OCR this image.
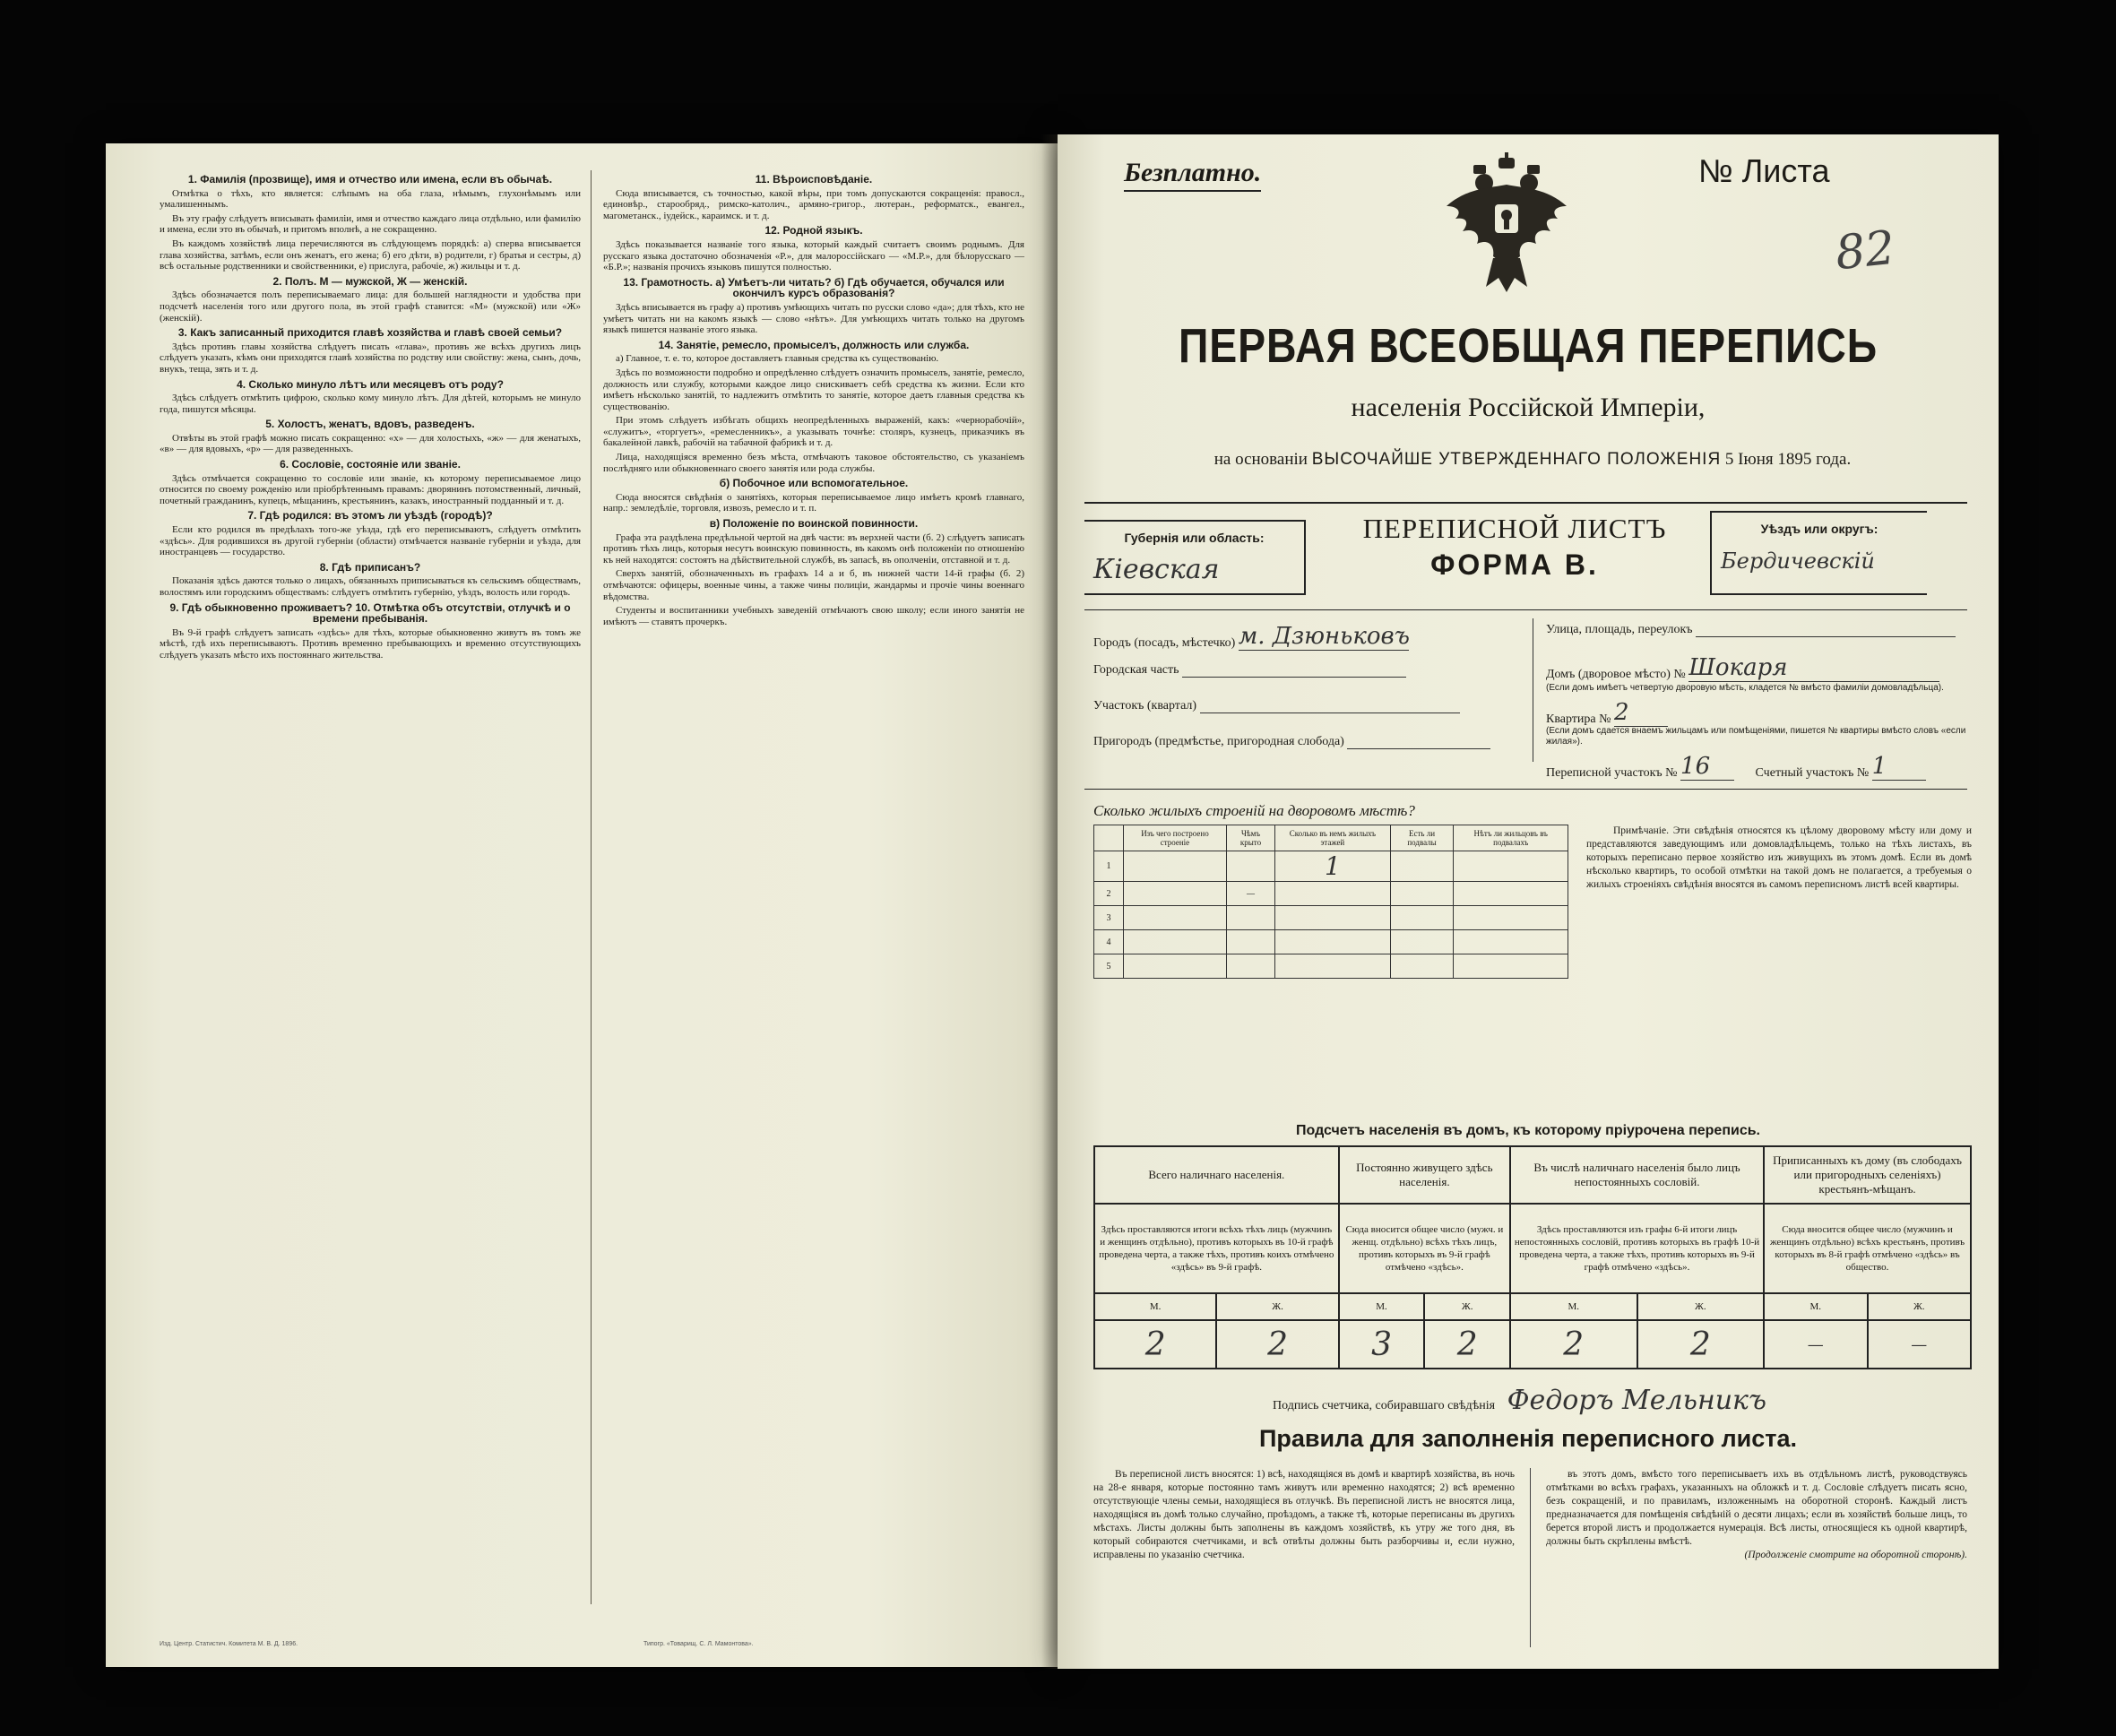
1. Фамилія (прозвище), имя и отчество или имена, если въ обычаѣ.

Отмѣтка о тѣхъ, кто является: слѣпымъ на оба глаза, нѣмымъ, глухонѣмымъ или умалишеннымъ.

Въ эту графу слѣдуетъ вписывать фамиліи, имя и отчество каждаго лица отдѣльно, или фамилію и имена, если это въ обычаѣ, и притомъ вполнѣ, а не сокращенно.

Въ каждомъ хозяйствѣ лица перечисляются въ слѣдующемъ порядкѣ: а) сперва вписывается глава хозяйства, затѣмъ, если онъ женатъ, его жена; б) его дѣти, в) родители, г) братья и сестры, д) всѣ остальные родственники и свойственники, е) прислуга, рабочіе, ж) жильцы и т. д.

2. Полъ. М — мужской, Ж — женскій.

Здѣсь обозначается полъ переписываемаго лица: для большей наглядности и удобства при подсчетѣ населенія того или другого пола, въ этой графѣ ставится: «М» (мужской) или «Ж» (женскій).

3. Какъ записанный приходится главѣ хозяйства и главѣ своей семьи?

Здѣсь противъ главы хозяйства слѣдуетъ писать «глава», противъ же всѣхъ другихъ лицъ слѣдуетъ указать, кѣмъ они приходятся главѣ хозяйства по родству или свойству: жена, сынъ, дочь, внукъ, теща, зять и т. д.

4. Сколько минуло лѣтъ или месяцевъ отъ роду?

Здѣсь слѣдуетъ отмѣтить цифрою, сколько кому минуло лѣтъ. Для дѣтей, которымъ не минуло года, пишутся мѣсяцы.

5. Холостъ, женатъ, вдовъ, разведенъ.

Отвѣты въ этой графѣ можно писать сокращенно: «х» — для холостыхъ, «ж» — для женатыхъ, «в» — для вдовыхъ, «р» — для разведенныхъ.

6. Сословіе, состояніе или званіе.

Здѣсь отмѣчается сокращенно то сословіе или званіе, къ которому переписываемое лицо относится по своему рожденію или пріобрѣтеннымъ правамъ: дворянинъ потомственный, личный, почетный гражданинъ, купецъ, мѣщанинъ, крестьянинъ, казакъ, иностранный подданный и т. д.

7. Гдѣ родился: въ этомъ ли уѣздѣ (городѣ)?

Если кто родился въ предѣлахъ того-же уѣзда, гдѣ его переписываютъ, слѣдуетъ отмѣтить «здѣсь». Для родившихся въ другой губерніи (области) отмѣчается названіе губерніи и уѣзда, для иностранцевъ — государство.

8. Гдѣ приписанъ?

Показанія здѣсь даются только о лицахъ, обязанныхъ приписываться къ сельскимъ обществамъ, волостямъ или городскимъ обществамъ: слѣдуетъ отмѣтить губернію, уѣздъ, волость или городъ.

9. Гдѣ обыкновенно проживаетъ? 10. Отмѣтка объ отсутствіи, отлучкѣ и о времени пребыванія.

Въ 9-й графѣ слѣдуетъ записать «здѣсь» для тѣхъ, которые обыкновенно живутъ въ томъ же мѣстѣ, гдѣ ихъ переписываютъ. Противъ временно пребывающихъ и временно отсутствующихъ слѣдуетъ указать мѣсто ихъ постояннаго жительства.

11. Вѣроисповѣданіе.

Сюда вписывается, съ точностью, какой вѣры, при томъ допускаются сокращенія: правосл., единовѣр., старообряд., римско-католич., армяно-григор., лютеран., реформатск., евангел., магометанск., іудейск., караимск. и т. д.

12. Родной языкъ.

Здѣсь показывается названіе того языка, который каждый считаетъ своимъ роднымъ. Для русскаго языка достаточно обозначенія «Р.», для малороссійскаго — «М.Р.», для бѣлорусскаго — «Б.Р.»; названія прочихъ языковъ пишутся полностью.

13. Грамотность. а) Умѣетъ-ли читать? б) Гдѣ обучается, обучался или окончилъ курсъ образованія?

Здѣсь вписывается въ графу а) противъ умѣющихъ читать по русски слово «да»; для тѣхъ, кто не умѣетъ читать ни на какомъ языкѣ — слово «нѣтъ». Для умѣющихъ читать только на другомъ языкѣ пишется названіе этого языка.

14. Занятіе, ремесло, промыселъ, должность или служба.

а) Главное, т. е. то, которое доставляетъ главныя средства къ существованію.

Здѣсь по возможности подробно и опредѣленно слѣдуетъ означить промыселъ, занятіе, ремесло, должность или службу, которыми каждое лицо снискиваетъ себѣ средства къ жизни. Если кто имѣетъ нѣсколько занятій, то надлежитъ отмѣтить то занятіе, которое даетъ главныя средства къ существованію.

При этомъ слѣдуетъ избѣгать общихъ неопредѣленныхъ выраженій, какъ: «чернорабочій», «служитъ», «торгуетъ», «ремесленникъ», а указывать точнѣе: столяръ, кузнецъ, приказчикъ въ бакалейной лавкѣ, рабочій на табачной фабрикѣ и т. д.

Лица, находящіяся временно безъ мѣста, отмѣчаютъ таковое обстоятельство, съ указаніемъ послѣдняго или обыкновеннаго своего занятія или рода службы.

б) Побочное или вспомогательное.

Сюда вносятся свѣдѣнія о занятіяхъ, которыя переписываемое лицо имѣетъ кромѣ главнаго, напр.: земледѣліе, торговля, извозъ, ремесло и т. п.

в) Положеніе по воинской повинности.

Графа эта раздѣлена предѣльной чертой на двѣ части: въ верхней части (б. 2) слѣдуетъ записать противъ тѣхъ лицъ, которыя несутъ воинскую повинность, въ какомъ онѣ положеніи по отношенію къ ней находятся: состоятъ на дѣйствительной службѣ, въ запасѣ, въ ополченіи, отставной и т. д.

Сверхъ занятій, обозначенныхъ въ графахъ 14 а и б, въ нижней части 14-й графы (б. 2) отмѣчаются: офицеры, военные чины, а также чины полиціи, жандармы и прочіе чины военнаго вѣдомства.

Студенты и воспитанники учебныхъ заведеній отмѣчаютъ свою школу; если иного занятія не имѣютъ — ставятъ прочеркъ.

Изд. Центр. Статистич. Комитета М. В. Д. 1896.	Типогр. «Товарищ. С. Л. Мамонтова».
Безплатно.	№ Листа
82
ПЕРВАЯ ВСЕОБЩАЯ ПЕРЕПИСЬ
населенія Россійской Имперіи,
на основаніи ВЫСОЧАЙШЕ УТВЕРЖДЕННАГО ПОЛОЖЕНІЯ 5 Іюня 1895 года.
Губернія или область:
Кіевская
ПЕРЕПИСНОЙ ЛИСТЪ
ФОРМА В.
Уѣздъ или округъ:
Бердичевскій
Городъ (посадъ, мѣстечко) м. Дзюньковъ
Городская часть
Участокъ (квартал)
Пригородъ (предмѣстье, пригородная слобода)
Улица, площадь, переулокъ
Домъ (дворовое мѣсто) № Шокаря
(Если домъ имѣетъ четвертую дворовую мѣсть, кладется № вмѣсто фамиліи домовладѣльца).
Квартира № 2
(Если домъ сдается внаемъ жильцамъ или помѣщеніями, пишется № квартиры вмѣсто словъ «если жилая»).
Переписной участокъ № 16	Счетный участокъ № 1
Сколько жилыхъ строеній на дворовомъ мѣстѣ?
	Изъ чего построено строеніе	Чѣмъ крыто	Сколько въ немъ жилыхъ этажей	Есть ли подвалы	Нѣтъ ли жильцовъ въ подвалахъ
1			1		
2		—			
3					
4					
5					
Примѣчаніе. Эти свѣдѣнія относятся къ цѣлому дворовому мѣсту или дому и представляются заведующимъ или домовладѣльцемъ, только на тѣхъ листахъ, въ которыхъ переписано первое хозяйство изъ живущихъ въ этомъ домѣ. Если въ домѣ нѣсколько квартиръ, то особой отмѣтки на такой домъ не полагается, а требуемыя о жилыхъ строеніяхъ свѣдѣнія вносятся въ самомъ переписномъ листѣ всей квартиры.
Подсчетъ населенія въ домъ, къ которому пріурочена перепись.
Всего наличнаго населенія.		Постоянно живущего здѣсь населенія.		Въ числѣ наличнаго населенія было лицъ непостоянныхъ сословій.		Приписанныхъ къ дому (въ слободахъ или пригородныхъ селеніяхъ) крестьянъ-мѣщанъ.	
Здѣсь проставляются итоги всѣхъ тѣхъ лицъ (мужчинъ и женщинъ отдѣльно), противъ которыхъ въ 10-й графѣ проведена черта, а также тѣхъ, противъ коихъ отмѣчено «здѣсь» въ 9-й графѣ.		Сюда вносится общее число (мужч. и женщ. отдѣльно) всѣхъ тѣхъ лицъ, противъ которыхъ въ 9-й графѣ отмѣчено «здѣсь».		Здѣсь проставляются изъ графы 6-й итоги лицъ непостоянныхъ сословій, противъ которыхъ въ графѣ 10-й проведена черта, а также тѣхъ, противъ которыхъ въ 9-й графѣ отмѣчено «здѣсь».		Сюда вносится общее число (мужчинъ и женщинъ отдѣльно) всѣхъ крестьянъ, противъ которыхъ въ 8-й графѣ отмѣчено «здѣсь» въ общество.	
М.	Ж.	М.	Ж.	М.	Ж.	М.	Ж.
2	2	3	2	2	2	—	—
Подпись счетчика, собиравшаго свѣдѣнія Федоръ Мельникъ
Правила для заполненія переписного листа.

Въ переписной листъ вносятся: 1) всѣ, находящіяся въ домѣ и квартирѣ хозяйства, въ ночь на 28-е января, которые постоянно тамъ живутъ или временно находятся; 2) всѣ временно отсутствующіе члены семьи, находящіеся въ отлучкѣ. Въ переписной листъ не вносятся лица, находящіяся въ домѣ только случайно, проѣздомъ, а также тѣ, которые переписаны въ другихъ мѣстахъ. Листы должны быть заполнены въ каждомъ хозяйствѣ, къ утру же того дня, въ который собираются счетчиками, и всѣ отвѣты должны быть разборчивы и, если нужно, исправлены по указанію счетчика.

въ этотъ домъ, вмѣсто того переписываетъ ихъ въ отдѣльномъ листѣ, руководствуясь отмѣтками во всѣхъ графахъ, указанныхъ на обложкѣ и т. д. Сословіе слѣдуетъ писать ясно, безъ сокращеній, и по правиламъ, изложеннымъ на оборотной сторонѣ. Каждый листъ предназначается для помѣщенія свѣдѣній о десяти лицахъ; если въ хозяйствѣ больше лицъ, то берется второй листъ и продолжается нумерація. Всѣ листы, относящіеся къ одной квартирѣ, должны быть скрѣплены вмѣстѣ.

(Продолженіе смотрите на оборотной сторонѣ).
